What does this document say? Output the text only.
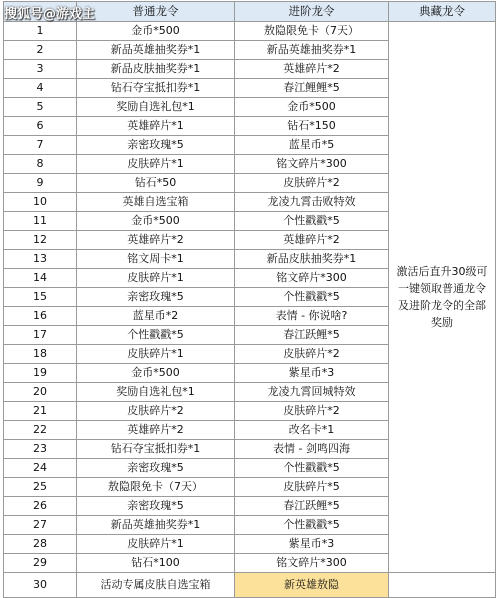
	普通龙令	进阶龙令	典藏龙令
1	金币*500	敖隐限免卡（7天）	激活后直升30级可一键领取普通龙令及进阶龙令的全部奖励
2	新品英雄抽奖券*1	新品英雄抽奖券*1	
3	新品皮肤抽奖券*1	英雄碎片*2	
4	钻石夺宝抵扣券*1	春江鲤鲤*5	
5	奖励自选礼包*1	金币*500	
6	英雄碎片*1	钻石*150	
7	亲密玫瑰*5	蓝星币*5	
8	皮肤碎片*1	铭文碎片*300	
9	钻石*50	皮肤碎片*2	
10	英雄自选宝箱	龙凌九霄击败特效	
11	金币*500	个性戳戳*5	
12	英雄碎片*2	英雄碎片*2	
13	铭文周卡*1	新品皮肤抽奖券*1	
14	皮肤碎片*1	铭文碎片*300	
15	亲密玫瑰*5	个性戳戳*5	
16	蓝星币*2	表情 - 你说啥?	
17	个性戳戳*5	春江跃鲤*5	
18	皮肤碎片*1	皮肤碎片*2	
19	金币*500	紫星币*3	
20	奖励自选礼包*1	龙凌九霄回城特效	
21	皮肤碎片*2	皮肤碎片*2	
22	英雄碎片*2	改名卡*1	
23	钻石夺宝抵扣券*1	表情 - 剑鸣四海	
24	亲密玫瑰*5	个性戳戳*5	
25	敖隐限免卡（7天）	皮肤碎片*5	
26	亲密玫瑰*5	春江跃鲤*5	
27	新品英雄抽奖券*1	个性戳戳*5	
28	皮肤碎片*1	紫星币*3	
29	钻石*100	铭文碎片*300	
30	活动专属皮肤自选宝箱	新英雄敖隐	
搜狐号@游戏主
